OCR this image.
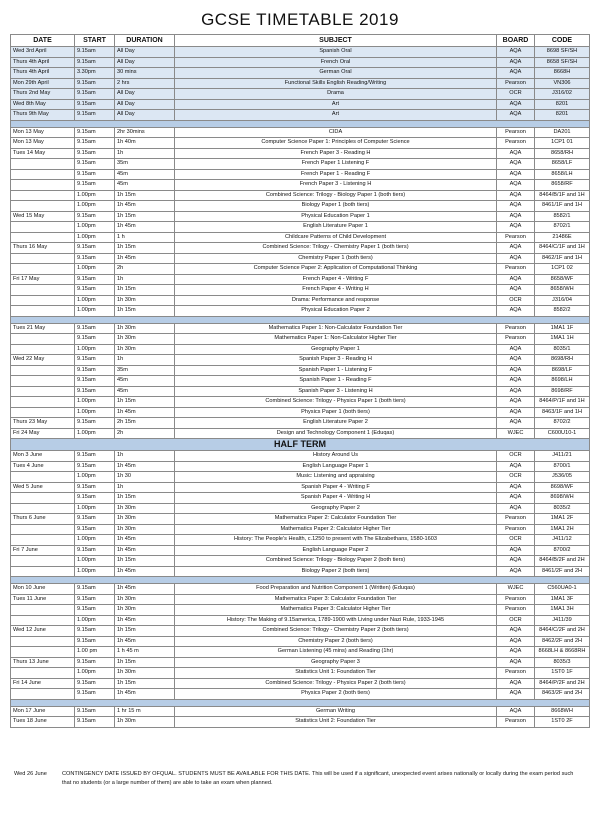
GCSE TIMETABLE 2019
DATE	START	DURATION	SUBJECT	BOARD	CODE
Wed 3rd April	9.15am	All Day	Spanish Oral	AQA	8698 SF/SH
Thurs 4th April	9.15am	All Day	French Oral	AQA	8658 SF/SH
Thurs 4th April	3.30pm	30 mins	German Oral	AQA	8668H
Mon 29th April	9.15am	2 hrs	Functional Skills English Reading/Writing	Pearson	VN306
Thurs 2nd May	9.15am	All Day	Drama	OCR	J316/02
Wed 8th May	9.15am	All Day	Art	AQA	8201
Thurs 9th May	9.15am	All Day	Art	AQA	8201

Mon 13 May	9.15am	2hr 30mins	CIDA	Pearson	DA201
Mon 13 May	9.15am	1h 40m	Computer Science Paper 1: Principles of Computer Science	Pearson	1CP1 01
Tues 14 May	9.15am	1h	French Paper 3 - Reading H	AQA	8658/RH
	9.15am	35m	French Paper 1 Listening F	AQA	8658/LF
	9.15am	45m	French Paper 1 - Reading F	AQA	8658/LH
	9.15am	45m	French Paper 3 - Listening H	AQA	8658/RF
	1.00pm	1h 15m	Combined Science: Trilogy - Biology Paper 1 (both tiers)	AQA	8464/B/1F and 1H
	1.00pm	1h 45m	Biology Paper 1 (both tiers)	AQA	8461/1F and 1H
Wed 15 May	9.15am	1h 15m	Physical Education Paper 1	AQA	8582/1
	1.00pm	1h 45m	English Literature Paper 1	AQA	8702/1
	1.00pm	1 h	Childcare Patterns of Child Development	Pearson	21486E
Thurs 16 May	9.15am	1h 15m	Combined Science: Trilogy - Chemistry Paper 1 (both tiers)	AQA	8464/C/1F and 1H
	9.15am	1h 45m	Chemistry Paper 1 (both tiers)	AQA	8462/1F and 1H
	1.00pm	2h	Computer Science Paper 2: Application of Computational Thinking	Pearson	1CP1 02
Fri 17 May	9.15am	1h	French Paper 4 - Writing F	AQA	8658/WF
	9.15am	1h 15m	French Paper 4 - Writing H	AQA	8658/WH
	1.00pm	1h 30m	Drama: Performance and response	OCR	J316/04
	1.00pm	1h 15m	Physical Education Paper 2	AQA	8582/2

Tues 21 May	9.15am	1h 30m	Mathematics Paper 1: Non-Calculator Foundation Tier	Pearson	1MA1 1F
	9.15am	1h 30m	Mathematics Paper 1: Non-Calculator Higher Tier	Pearson	1MA1 1H
	1.00pm	1h 30m	Geography Paper 1	AQA	8035/1
Wed 22 May	9.15am	1h	Spanish Paper 3 - Reading H	AQA	8698/RH
	9.15am	35m	Spanish Paper 1 - Listening F	AQA	8698/LF
	9.15am	45m	Spanish Paper 1 - Reading F	AQA	8698/LH
	9.15am	45m	Spanish Paper 3 - Listening H	AQA	8698/RF
	1.00pm	1h 15m	Combined Science: Trilogy - Physics Paper 1 (both tiers)	AQA	8464/P/1F and 1H
	1.00pm	1h 45m	Physics Paper 1 (both tiers)	AQA	8463/1F and 1H
Thurs 23 May	9.15am	2h 15m	English Literature Paper 2	AQA	8702/2
Fri 24 May	1.00pm	2h	Design and Technology Component 1 (Eduqas)	WJEC	C600U10-1
HALF TERM					
Mon 3 June	9.15am	1h	History Around Us	OCR	J411/21
Tues 4 June	9.15am	1h 45m	English Language Paper 1	AQA	8700/1
	1.00pm	1h 30	Music: Listening and appraising	OCR	J536/05
Wed 5 June	9.15am	1h	Spanish Paper 4 - Writing F	AQA	8698/WF
	9.15am	1h 15m	Spanish Paper 4 - Writing H	AQA	8698/WH
	1.00pm	1h 30m	Geography Paper 2	AQA	8035/2
Thurs 6 June	9.15am	1h 30m	Mathematics Paper 2: Calculator Foundation Tier	Pearson	1MA1 2F
	9.15am	1h 30m	Mathematics Paper 2: Calculator Higher Tier	Pearson	1MA1 2H
	1.00pm	1h 45m	History: The People's Health, c.1250 to present with The Elizabethans, 1580-1603	OCR	J411/12
Fri 7 June	9.15am	1h 45m	English Language Paper 2	AQA	8700/2
	1.00pm	1h 15m	Combined Science: Trilogy - Biology Paper 2 (both tiers)	AQA	8464/B/2F and 2H
	1.00pm	1h 45m	Biology Paper 2 (both tiers)	AQA	8461/2F and 2H

Mon 10 June	9.15am	1h 45m	Food Preparation and Nutrition Component 1 (Written) (Eduqas)	WJEC	C560UA0-1
Tues 11 June	9.15am	1h 30m	Mathematics Paper 3: Calculator Foundation Tier	Pearson	1MA1 3F
	9.15am	1h 30m	Mathematics Paper 3: Calculator Higher Tier	Pearson	1MA1 3H
	1.00pm	1h 45m	History: The Making of 9.15america, 1789-1900 with Living under Nazi Rule, 1933-1945	OCR	J411/39
Wed 12 June	9.15am	1h 15m	Combined Science: Trilogy - Chemistry Paper 2 (both tiers)	AQA	8464/C/2F and 2H
	9.15am	1h 45m	Chemistry Paper 2 (both tiers)	AQA	8462/2F and 2H
	1.00 pm	1 h 45 m	German Listening (45 mins) and Reading (1hr)	AQA	8668LH & 8668RH
Thurs 13 June	9.15am	1h 15m	Geography Paper 3	AQA	8035/3
	1.00pm	1h 30m	Statistics Unit 1: Foundation Tier	Pearson	1ST0 1F
Fri 14 June	9.15am	1h 15m	Combined Science: Trilogy - Physics Paper 2 (both tiers)	AQA	8464/P/2F and 2H
	9.15am	1h 45m	Physics Paper 2 (both tiers)	AQA	8463/2F and 2H

Mon 17 June	9.15am	1 hr 15 m	German Writing	AQA	8668WH
Tues 18 June	9.15am	1h 30m	Statistics Unit 2: Foundation Tier	Pearson	1ST0 2F
Wed 26 June	CONTINGENCY DATE ISSUED BY OFQUAL. STUDENTS MUST BE AVAILABLE FOR THIS DATE. This will be used if a significant, unexpected event arises nationally or locally during the exam period such that no students (or a large number of them) are able to take an exam when planned.
